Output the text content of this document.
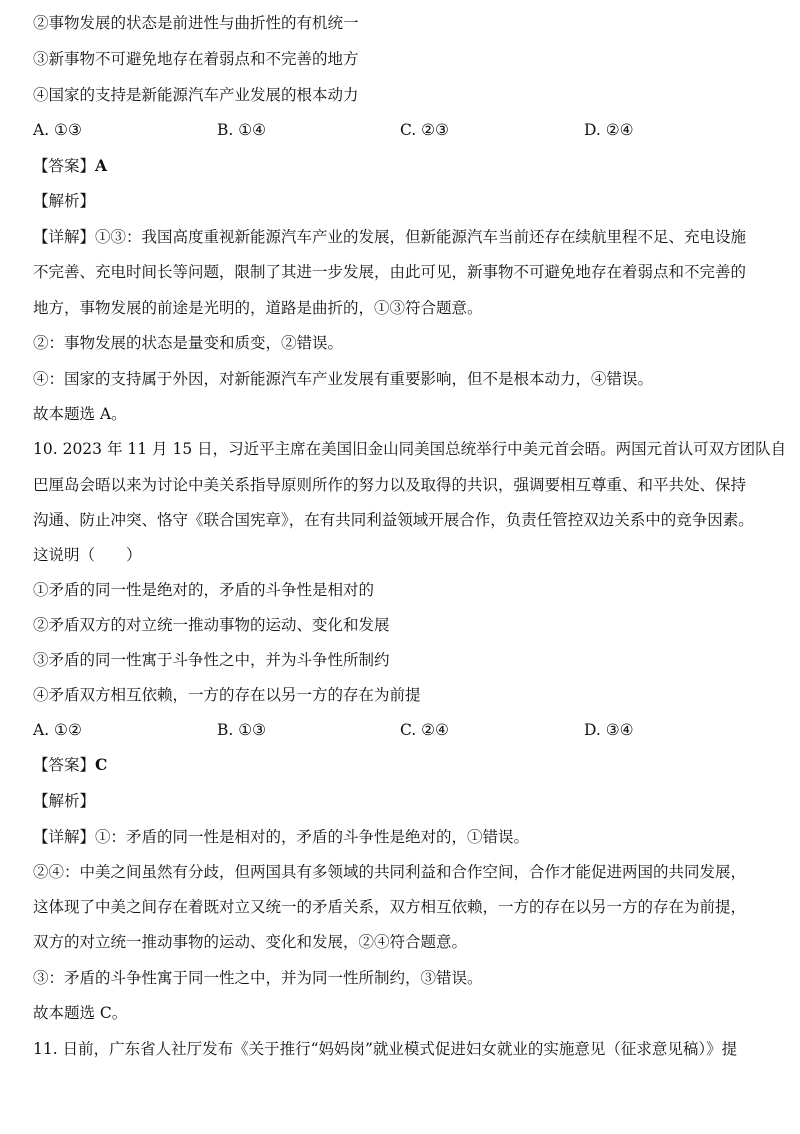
②事物发展的状态是前进性与曲折性的有机统一
③新事物不可避免地存在着弱点和不完善的地方
④国家的支持是新能源汽车产业发展的根本动力
A. ①③	B. ①④	C. ②③	D. ②④
【答案】A
【解析】
【详解】①③：我国高度重视新能源汽车产业的发展，但新能源汽车当前还存在续航里程不足、充电设施
不完善、充电时间长等问题，限制了其进一步发展，由此可见，新事物不可避免地存在着弱点和不完善的
地方，事物发展的前途是光明的，道路是曲折的，①③符合题意。
②：事物发展的状态是量变和质变，②错误。
④：国家的支持属于外因，对新能源汽车产业发展有重要影响，但不是根本动力，④错误。
故本题选 A。
10. 2023 年 11 月 15 日，习近平主席在美国旧金山同美国总统举行中美元首会晤。两国元首认可双方团队自
巴厘岛会晤以来为讨论中美关系指导原则所作的努力以及取得的共识，强调要相互尊重、和平共处、保持
沟通、防止冲突、恪守《联合国宪章》，在有共同利益领域开展合作，负责任管控双边关系中的竞争因素。
这说明（　　）
①矛盾的同一性是绝对的，矛盾的斗争性是相对的
②矛盾双方的对立统一推动事物的运动、变化和发展
③矛盾的同一性寓于斗争性之中，并为斗争性所制约
④矛盾双方相互依赖，一方的存在以另一方的存在为前提
A. ①②	B. ①③	C. ②④	D. ③④
【答案】C
【解析】
【详解】①：矛盾的同一性是相对的，矛盾的斗争性是绝对的，①错误。
②④：中美之间虽然有分歧，但两国具有多领域的共同利益和合作空间，合作才能促进两国的共同发展，
这体现了中美之间存在着既对立又统一的矛盾关系，双方相互依赖，一方的存在以另一方的存在为前提，
双方的对立统一推动事物的运动、变化和发展，②④符合题意。
③：矛盾的斗争性寓于同一性之中，并为同一性所制约，③错误。
故本题选 C。
11. 日前，广东省人社厅发布《关于推行“妈妈岗”就业模式促进妇女就业的实施意见（征求意见稿）》提
